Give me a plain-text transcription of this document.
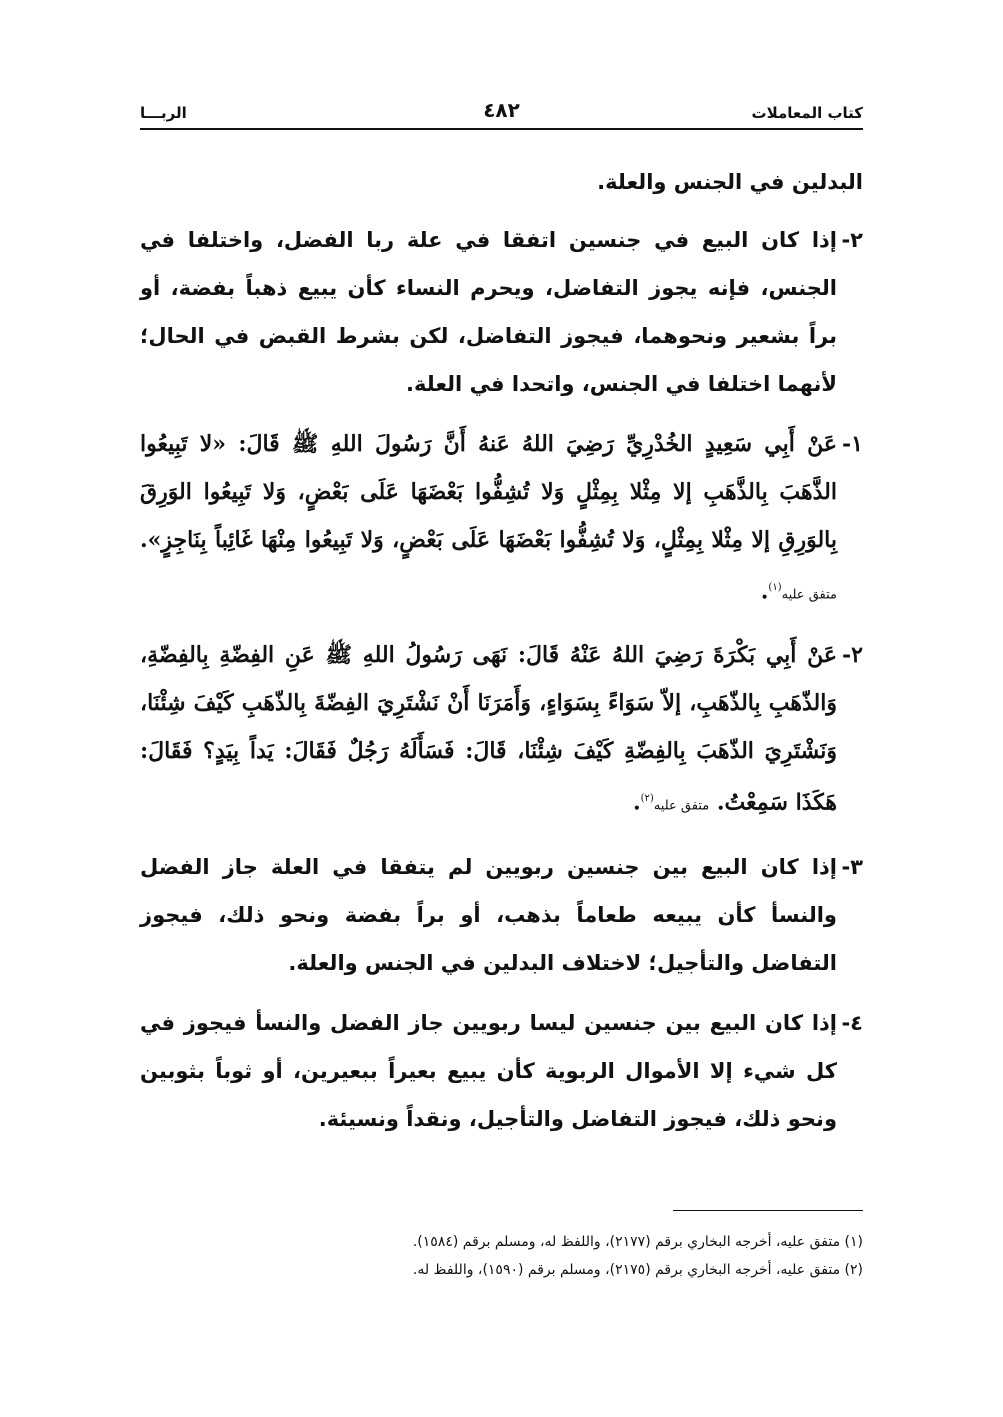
كتاب المعاملات
٤٨٢
الربـــا

البدلين في الجنس والعلة.

٢-
إذا كان البيع في جنسين اتفقا في علة ربا الفضل، واختلفا في الجنس، فإنه يجوز التفاضل، ويحرم النساء كأن يبيع ذهباً بفضة، أو براً بشعير ونحوهما، فيجوز التفاضل، لكن بشرط القبض في الحال؛ لأنهما اختلفا في الجنس، واتحدا في العلة.
١-
عَنْ أَبِي سَعِيدٍ الخُدْرِيِّ رَضِيَ اللهُ عَنهُ أَنَّ رَسُولَ اللهِ ﷺ قَالَ: «لا تَبِيعُوا الذَّهَبَ بِالذَّهَبِ إلا مِثْلا بِمِثْلٍ وَلا تُشِفُّوا بَعْضَهَا عَلَى بَعْضٍ، وَلا تَبِيعُوا الوَرِقَ بِالوَرِقِ إلا مِثْلا بِمِثْلٍ، وَلا تُشِفُّوا بَعْضَهَا عَلَى بَعْضٍ، وَلا تَبِيعُوا مِنْهَا غَائِباً بِنَاجِزٍ». متفق عليه$^{(١)}$.
٢-
عَنْ أَبِي بَكْرَةَ رَضِيَ اللهُ عَنْهُ قَالَ: نَهَى رَسُولُ اللهِ ﷺ عَنِ الفِضّةِ بِالفِضّةِ، وَالذّهَبِ بِالذّهَبِ، إلاّ سَوَاءً بِسَوَاءٍ، وَأَمَرَنَا أَنْ نَشْتَرِيَ الفِضّةَ بِالذّهَبِ كَيْفَ شِئْنَا، وَنَشْتَرِيَ الذّهَبَ بِالفِضّةِ كَيْفَ شِئْنَا، قَالَ: فَسَأَلَهُ رَجُلٌ فَقَالَ: يَداً بِيَدٍ؟ فَقَالَ: هَكَذَا سَمِعْتُ. متفق عليه$^{(٢)}$.
٣-
إذا كان البيع بين جنسين ربويين لم يتفقا في العلة جاز الفضل والنسأ كأن يبيعه طعاماً بذهب، أو براً بفضة ونحو ذلك، فيجوز التفاضل والتأجيل؛ لاختلاف البدلين في الجنس والعلة.
٤-
إذا كان البيع بين جنسين ليسا ربويين جاز الفضل والنسأ فيجوز في كل شيء إلا الأموال الربوية كأن يبيع بعيراً ببعيرين، أو ثوباً بثوبين ونحو ذلك، فيجوز التفاضل والتأجيل، ونقداً ونسيئة.

(١) متفق عليه، أخرجه البخاري برقم (٢١٧٧)، واللفظ له، ومسلم برقم (١٥٨٤).

(٢) متفق عليه، أخرجه البخاري برقم (٢١٧٥)، ومسلم برقم (١٥٩٠)، واللفظ له.
